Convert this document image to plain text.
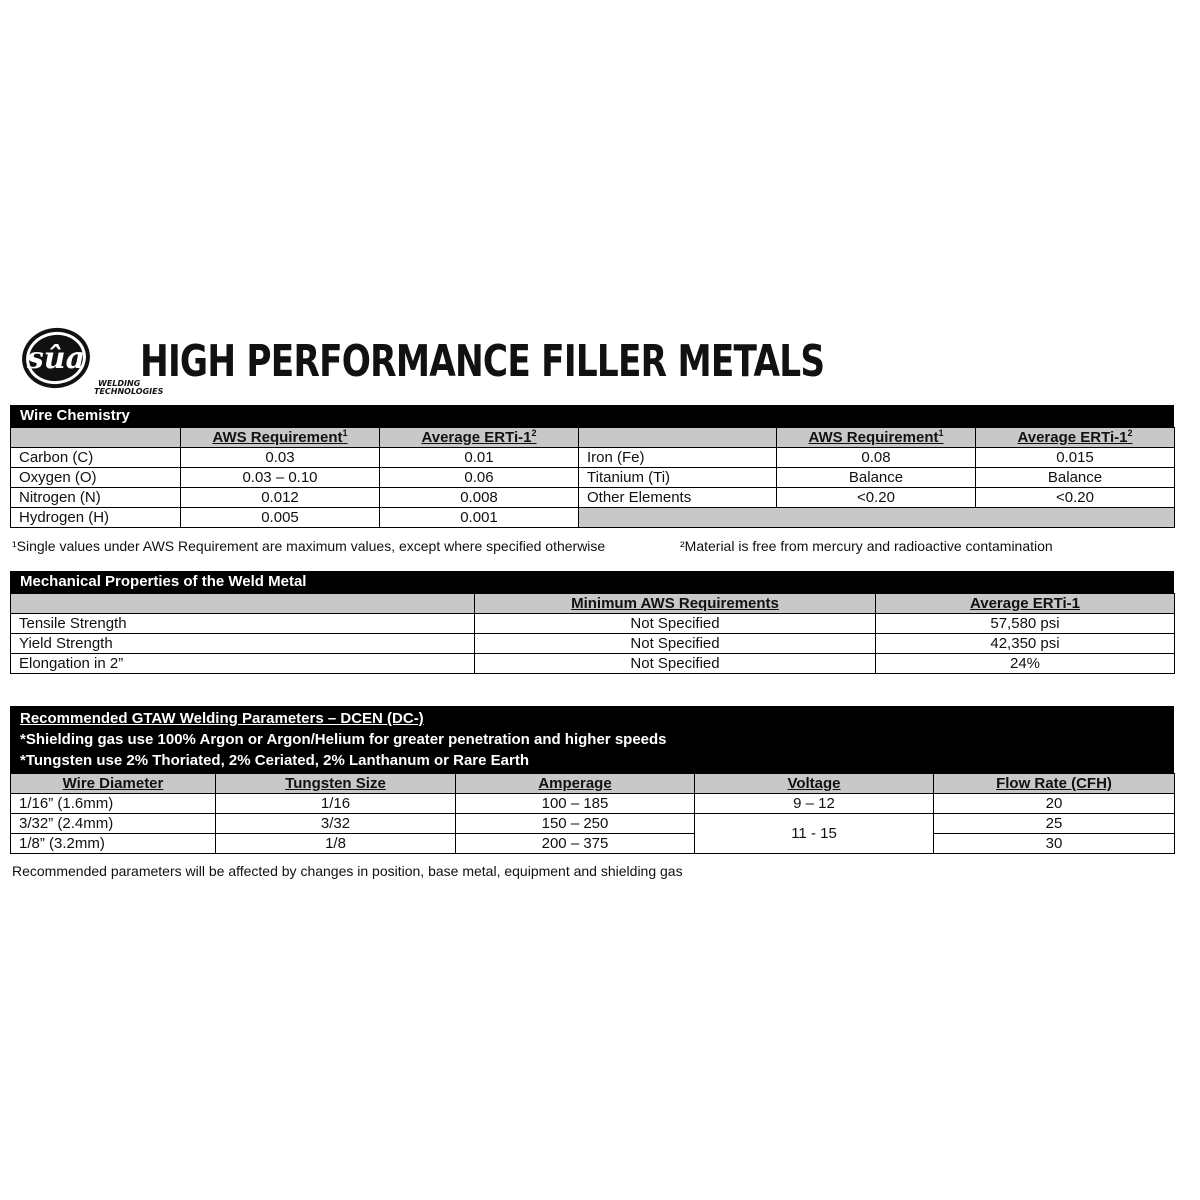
sûa
WELDING
TECHNOLOGIES
HIGH PERFORMANCE FILLER METALS
Wire Chemistry
	AWS Requirement$^1$	Average ERTi-$1^2$		AWS Requirement$^1$	Average ERTi-$1^2$
Carbon (C)	0.03	0.01	Iron (Fe)	0.08	0.015
Oxygen (O)	0.03 – 0.10	0.06	Titanium (Ti)	Balance	Balance
Nitrogen (N)	0.012	0.008	Other Elements	<0.20	<0.20
Hydrogen (H)	0.005	0.001			
¹Single values under AWS Requirement are maximum values, except where specified otherwise	²Material is free from mercury and radioactive contamination
Mechanical Properties of the Weld Metal
	Minimum AWS Requirements	Average ERTi-1
Tensile Strength	Not Specified	57,580 psi
Yield Strength	Not Specified	42,350 psi
Elongation in 2”	Not Specified	24%
Recommended GTAW Welding Parameters – DCEN (DC-)
*Shielding gas use 100% Argon or Argon/Helium for greater penetration and higher speeds
*Tungsten use 2% Thoriated, 2% Ceriated, 2% Lanthanum or Rare Earth
Wire Diameter	Tungsten Size	Amperage	Voltage	Flow Rate (CFH)
1/16” (1.6mm)	1/16	100 – 185	9 – 12	20
3/32” (2.4mm)	3/32	150 – 250	11 - 15	25
1/8” (3.2mm)	1/8	200 – 375		30
Recommended parameters will be affected by changes in position, base metal, equipment and shielding gas
